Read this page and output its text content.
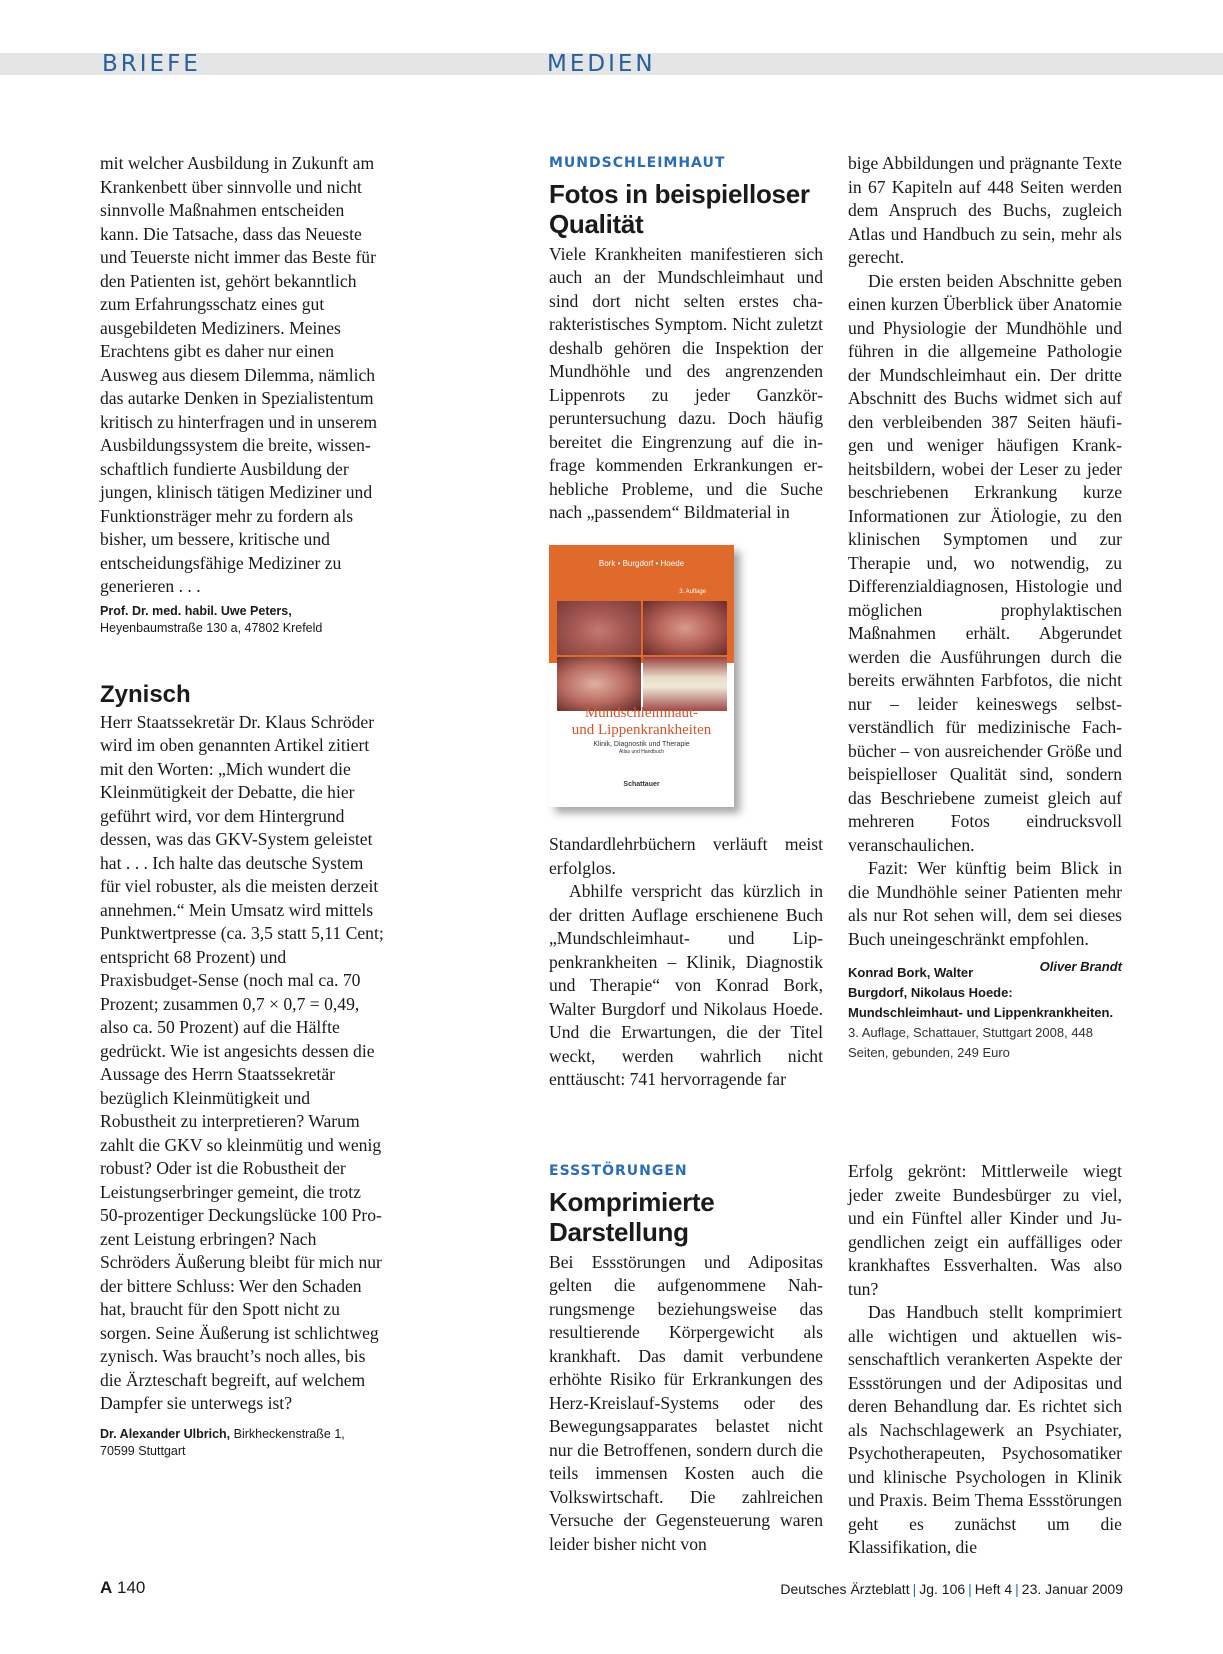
BRIEFE	MEDIEN

mit welcher Ausbildung in Zukunft am Krankenbett über sinnvolle und nicht sinnvolle Maßnahmen entscheiden kann. Die Tatsache, dass das Neueste und Teuerste nicht immer das Beste für den Patienten ist, gehört bekanntlich zum Erfahrungsschatz eines gut ausgebildeten Mediziners. Meines Erachtens gibt es daher nur einen Ausweg aus diesem Dilemma, nämlich das autarke Denken in Spezialistentum kritisch zu hinterfragen und in unserem Ausbildungssystem die breite, wissenschaftlich fundierte Ausbildung der jungen, klinisch tätigen Mediziner und Funktionsträger mehr zu fordern als bisher, um bessere, kritische und entscheidungsfähige Mediziner zu generieren . . .

Prof. Dr. med. habil. Uwe Peters,
Heyenbaumstraße 130 a, 47802 Krefeld
Zynisch

Herr Staatssekretär Dr. Klaus Schröder wird im oben genannten Artikel zitiert mit den Worten: „Mich wundert die Kleinmütigkeit der Debatte, die hier geführt wird, vor dem Hintergrund dessen, was das GKV-System geleistet hat . . . Ich halte das deutsche System für viel robuster, als die meisten derzeit annehmen.“ Mein Umsatz wird mittels Punktwertpresse (ca. 3,5 statt 5,11 Cent; entspricht 68 Prozent) und Praxisbudget-Sense (noch mal ca. 70 Prozent; zusammen 0,7 × 0,7 = 0,49, also ca. 50 Prozent) auf die Hälfte gedrückt. Wie ist angesichts dessen die Aussage des Herrn Staatssekretär bezüglich Kleinmütigkeit und Robustheit zu interpretieren? Warum zahlt die GKV so kleinmütig und wenig robust? Oder ist die Robustheit der Leistungserbringer gemeint, die trotz 50-prozentiger Deckungslücke 100 Prozent Leistung erbringen? Nach Schröders Äußerung bleibt für mich nur der bittere Schluss: Wer den Schaden hat, braucht für den Spott nicht zu sorgen. Seine Äußerung ist schlichtweg zynisch. Was braucht’s noch alles, bis die Ärzteschaft begreift, auf welchem Dampfer sie unterwegs ist?

Dr. Alexander Ulbrich, Birkheckenstraße 1,
70599 Stuttgart
MUNDSCHLEIMHAUT
Fotos in beispielloser
Qualität

Viele Krankheiten manifestieren sich auch an der Mundschleimhaut und sind dort nicht selten erstes charakteristisches Symptom. Nicht zuletzt deshalb gehören die Inspektion der Mundhöhle und des angrenzenden Lippenrots zu jeder Ganzkörperuntersuchung dazu. Doch häufig bereitet die Eingrenzung auf die infrage kommenden Erkrankungen erhebliche Probleme, und die Suche nach „passendem“ Bildmaterial in

Bork • Burgdorf • Hoede
3. Auflage
Mundschleimhaut-
und Lippenkrankheiten
Klinik, Diagnostik und Therapie
Atlas und Handbuch
Schattauer

Standardlehrbüchern verläuft meist erfolglos.

Abhilfe verspricht das kürzlich in der dritten Auflage erschienene Buch „Mundschleimhaut- und Lippenkrankheiten – Klinik, Diagnostik und Therapie“ von Konrad Bork, Walter Burgdorf und Nikolaus Hoede. Und die Erwartungen, die der Titel weckt, werden wahrlich nicht enttäuscht: 741 hervorragende far

bige Abbildungen und prägnante Texte in 67 Kapiteln auf 448 Seiten werden dem Anspruch des Buchs, zugleich Atlas und Handbuch zu sein, mehr als gerecht.

Die ersten beiden Abschnitte geben einen kurzen Überblick über Anatomie und Physiologie der Mundhöhle und führen in die allgemeine Pathologie der Mundschleimhaut ein. Der dritte Abschnitt des Buchs widmet sich auf den verbleibenden 387 Seiten häufigen und weniger häufigen Krankheitsbildern, wobei der Leser zu jeder beschriebenen Erkrankung kurze Informationen zur Ätiologie, zu den klinischen Symptomen und zur Therapie und, wo notwendig, zu Differenzialdiagnosen, Histologie und möglichen prophylaktischen Maßnahmen erhält. Abgerundet werden die Ausführungen durch die bereits erwähnten Farbfotos, die nicht nur – leider keineswegs selbstverständlich für medizinische Fachbücher – von ausreichender Größe und beispielloser Qualität sind, sondern das Beschriebene zumeist gleich auf mehreren Fotos eindrucksvoll veranschaulichen.

Fazit: Wer künftig beim Blick in die Mundhöhle seiner Patienten mehr als nur Rot sehen will, dem sei dieses Buch uneingeschränkt empfohlen.
Oliver Brandt

Konrad Bork, Walter Burgdorf, Nikolaus Hoede: Mundschleimhaut- und Lippenkrankheiten. 3. Auflage, Schattauer, Stuttgart 2008, 448 Seiten, gebunden, 249 Euro
ESSSTÖRUNGEN
Komprimierte
Darstellung

Bei Essstörungen und Adipositas gelten die aufgenommene Nahrungsmenge beziehungsweise das resultierende Körpergewicht als krankhaft. Das damit verbundene erhöhte Risiko für Erkrankungen des Herz-Kreislauf-Systems oder des Bewegungsapparates belastet nicht nur die Betroffenen, sondern durch die teils immensen Kosten auch die Volkswirtschaft. Die zahlreichen Versuche der Gegensteuerung waren leider bisher nicht von

Erfolg gekrönt: Mittlerweile wiegt jeder zweite Bundesbürger zu viel, und ein Fünftel aller Kinder und Jugendlichen zeigt ein auffälliges oder krankhaftes Essverhalten. Was also tun?

Das Handbuch stellt komprimiert alle wichtigen und aktuellen wissenschaftlich verankerten Aspekte der Essstörungen und der Adipositas und deren Behandlung dar. Es richtet sich als Nachschlagewerk an Psychiater, Psychotherapeuten, Psychosomatiker und klinische Psychologen in Klinik und Praxis. Beim Thema Essstörungen geht es zunächst um die Klassifikation, die

A 140	Deutsches Ärzteblatt | Jg. 106 | Heft 4 | 23. Januar 2009
